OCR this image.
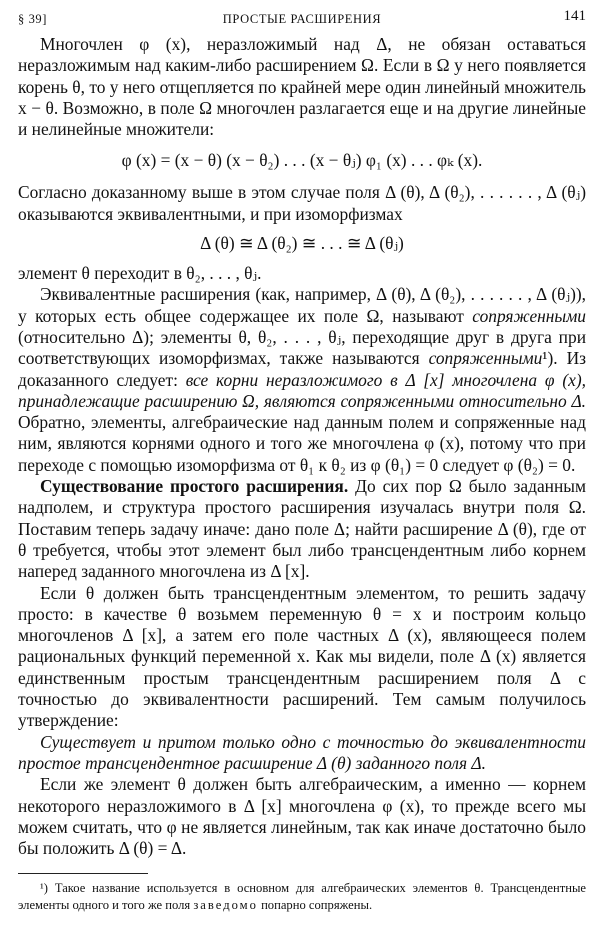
§ 39]	ПРОСТЫЕ РАСШИРЕНИЯ	141

Многочлен φ (x), неразложимый над Δ, не обязан оставаться неразложимым над каким-либо расширением Ω. Если в Ω у него появляется корень θ, то у него отщепляется по крайней мере один линейный множитель x − θ. Возможно, в поле Ω многочлен разлагается еще и на другие линейные и нелинейные множители:

φ (x) = (x − θ) (x − θ₂) . . . (x − θⱼ) φ₁ (x) . . . φₖ (x).

Согласно доказанному выше в этом случае поля Δ (θ), Δ (θ₂), . . . . . . , Δ (θⱼ) оказываются эквивалентными, и при изоморфизмах

Δ (θ) ≅ Δ (θ₂) ≅ . . . ≅ Δ (θⱼ)

элемент θ переходит в θ₂, . . . , θⱼ.

Эквивалентные расширения (как, например, Δ (θ), Δ (θ₂), . . . . . . , Δ (θⱼ)), у которых есть общее содержащее их поле Ω, называют сопряженными (относительно Δ); элементы θ, θ₂, . . . , θⱼ, переходящие друг в друга при соответствующих изоморфизмах, также называются сопряженными¹). Из доказанного следует: все корни неразложимого в Δ [x] многочлена φ (x), принадлежащие расширению Ω, являются сопряженными относительно Δ. Обратно, элементы, алгебраические над данным полем и сопряженные над ним, являются корнями одного и того же многочлена φ (x), потому что при переходе с помощью изоморфизма от θ₁ к θ₂ из φ (θ₁) = 0 следует φ (θ₂) = 0.

Существование простого расширения. До сих пор Ω было заданным надполем, и структура простого расширения изучалась внутри поля Ω. Поставим теперь задачу иначе: дано поле Δ; найти расширение Δ (θ), где от θ требуется, чтобы этот элемент был либо трансцендентным либо корнем наперед заданного многочлена из Δ [x].

Если θ должен быть трансцендентным элементом, то решить задачу просто: в качестве θ возьмем переменную θ = x и построим кольцо многочленов Δ [x], а затем его поле частных Δ (x), являющееся полем рациональных функций переменной x. Как мы видели, поле Δ (x) является единственным простым трансцендентным расширением поля Δ с точностью до эквивалентности расширений. Тем самым получилось утверждение:

Существует и притом только одно с точностью до эквивалентности простое трансцендентное расширение Δ (θ) заданного поля Δ.

Если же элемент θ должен быть алгебраическим, а именно — корнем некоторого неразложимого в Δ [x] многочлена φ (x), то прежде всего мы можем считать, что φ не является линейным, так как иначе достаточно было бы положить Δ (θ) = Δ.

¹) Такое название используется в основном для алгебраических элементов θ. Трансцендентные элементы одного и того же поля заведомо попарно сопряжены.
